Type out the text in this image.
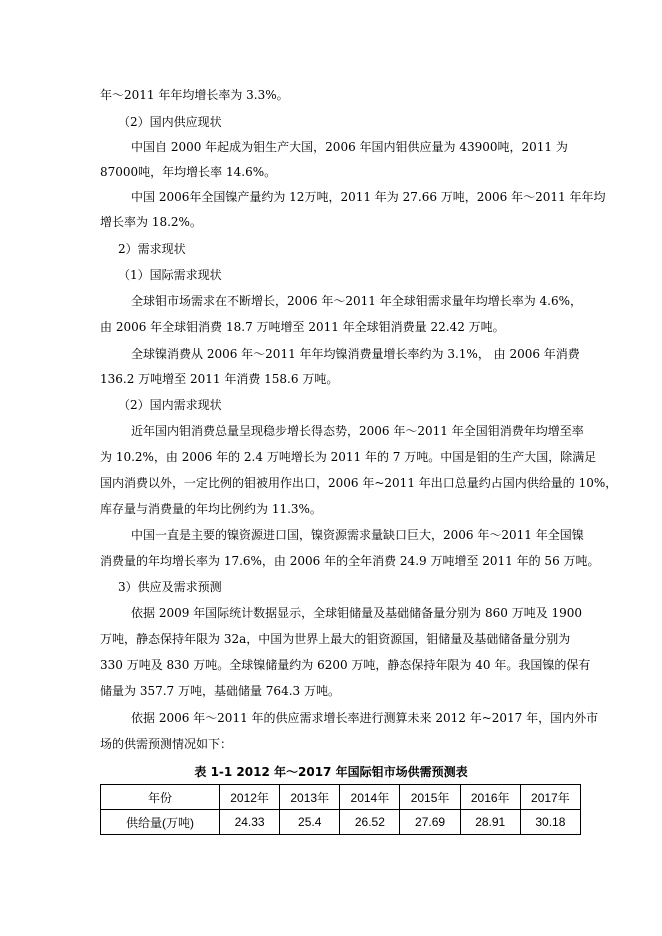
年～2011 年年均增长率为 3.3%。
（2）国内供应现状
中国自 2000 年起成为钼生产大国，2006 年国内钼供应量为 43900吨，2011 为
87000吨，年均增长率 14.6%。
中国 2006年全国镍产量约为 12万吨，2011 年为 27.66 万吨，2006 年～2011 年年均
增长率为 18.2%。
2）需求现状
（1）国际需求现状
全球钼市场需求在不断增长，2006 年～2011 年全球钼需求量年均增长率为 4.6%，
由 2006 年全球钼消费 18.7 万吨增至 2011 年全球钼消费量 22.42 万吨。
全球镍消费从 2006 年～2011 年年均镍消费量增长率约为 3.1%， 由 2006 年消费
136.2 万吨增至 2011 年消费 158.6 万吨。
（2）国内需求现状
近年国内钼消费总量呈现稳步增长得态势，2006 年～2011 年全国钼消费年均增至率
为 10.2%，由 2006 年的 2.4 万吨增长为 2011 年的 7 万吨。中国是钼的生产大国，除满足
国内消费以外，一定比例的钼被用作出口，2006 年~2011 年出口总量约占国内供给量的 10%，
库存量与消费量的年均比例约为 11.3%。
中国一直是主要的镍资源进口国，镍资源需求量缺口巨大，2006 年～2011 年全国镍
消费量的年均增长率为 17.6%，由 2006 年的全年消费 24.9 万吨增至 2011 年的 56 万吨。
3）供应及需求预测
依据 2009 年国际统计数据显示，全球钼储量及基础储备量分别为 860 万吨及 1900
万吨，静态保持年限为 32a，中国为世界上最大的钼资源国，钼储量及基础储备量分别为
330 万吨及 830 万吨。全球镍储量约为 6200 万吨，静态保持年限为 40 年。我国镍的保有
储量为 357.7 万吨，基础储量 764.3 万吨。
依据 2006 年～2011 年的供应需求增长率进行测算未来 2012 年~2017 年，国内外市
场的供需预测情况如下：
表 1-1 2012 年～2017 年国际钼市场供需预测表
年份	2012年	2013年	2014年	2015年	2016年	2017年
供给量(万吨)	24.33	25.4	26.52	27.69	28.91	30.18
